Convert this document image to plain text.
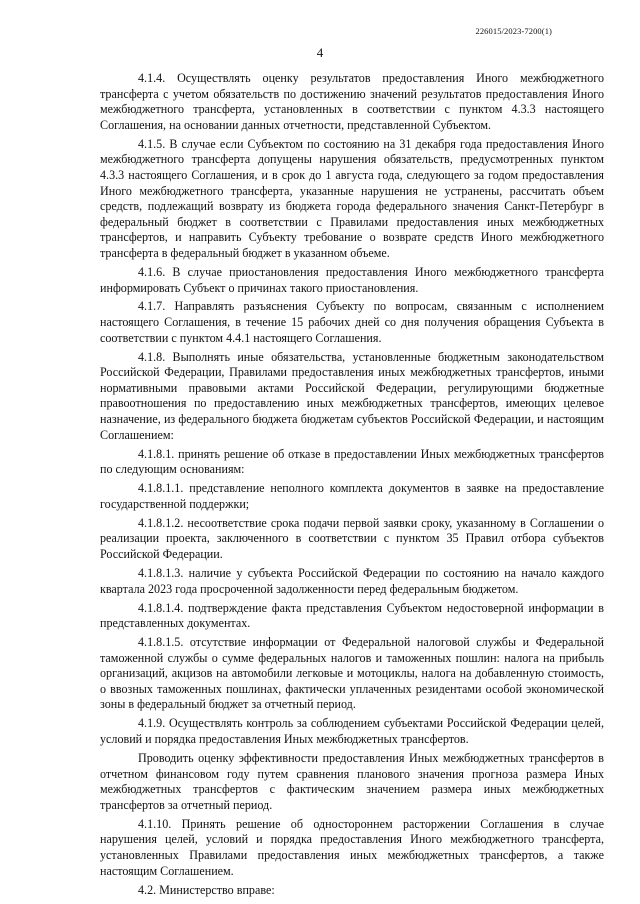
226015/2023-7200(1)
4

4.1.4. Осуществлять оценку результатов предоставления Иного межбюджетного трансферта с учетом обязательств по достижению значений результатов предоставления Иного межбюджетного трансферта, установленных в соответствии с пунктом 4.3.3 настоящего Соглашения, на основании данных отчетности, представленной Субъектом.

4.1.5. В случае если Субъектом по состоянию на 31 декабря года предоставления Иного межбюджетного трансферта допущены нарушения обязательств, предусмотренных пунктом 4.3.3 настоящего Соглашения, и в срок до 1 августа года, следующего за годом предоставления Иного межбюджетного трансферта, указанные нарушения не устранены, рассчитать объем средств, подлежащий возврату из бюджета города федерального значения Санкт-Петербург в федеральный бюджет в соответствии с Правилами предоставления иных межбюджетных трансфертов, и направить Субъекту требование о возврате средств Иного межбюджетного трансферта в федеральный бюджет в указанном объеме.

4.1.6. В случае приостановления предоставления Иного межбюджетного трансферта информировать Субъект о причинах такого приостановления.

4.1.7. Направлять разъяснения Субъекту по вопросам, связанным с исполнением настоящего Соглашения, в течение 15 рабочих дней со дня получения обращения Субъекта в соответствии с пунктом 4.4.1 настоящего Соглашения.

4.1.8. Выполнять иные обязательства, установленные бюджетным законодательством Российской Федерации, Правилами предоставления иных межбюджетных трансфертов, иными нормативными правовыми актами Российской Федерации, регулирующими бюджетные правоотношения по предоставлению иных межбюджетных трансфертов, имеющих целевое назначение, из федерального бюджета бюджетам субъектов Российской Федерации, и настоящим Соглашением:

4.1.8.1. принять решение об отказе в предоставлении Иных межбюджетных трансфертов по следующим основаниям:

4.1.8.1.1. представление неполного комплекта документов в заявке на предоставление государственной поддержки;

4.1.8.1.2. несоответствие срока подачи первой заявки сроку, указанному в Соглашении о реализации проекта, заключенного в соответствии с пунктом 35 Правил отбора субъектов Российской Федерации.

4.1.8.1.3. наличие у субъекта Российской Федерации по состоянию на начало каждого квартала 2023 года просроченной задолженности перед федеральным бюджетом.

4.1.8.1.4. подтверждение факта представления Субъектом недостоверной информации в представленных документах.

4.1.8.1.5. отсутствие информации от Федеральной налоговой службы и Федеральной таможенной службы о сумме федеральных налогов и таможенных пошлин: налога на прибыль организаций, акцизов на автомобили легковые и мотоциклы, налога на добавленную стоимость, о ввозных таможенных пошлинах, фактически уплаченных резидентами особой экономической зоны в федеральный бюджет за отчетный период.

4.1.9. Осуществлять контроль за соблюдением субъектами Российской Федерации целей, условий и порядка предоставления Иных межбюджетных трансфертов.

Проводить оценку эффективности предоставления Иных межбюджетных трансфертов в отчетном финансовом году путем сравнения планового значения прогноза размера Иных межбюджетных трансфертов с фактическим значением размера иных межбюджетных трансфертов за отчетный период.

4.1.10. Принять решение об одностороннем расторжении Соглашения в случае нарушения целей, условий и порядка предоставления Иного межбюджетного трансферта, установленных Правилами предоставления иных межбюджетных трансфертов, а также настоящим Соглашением.

4.2. Министерство вправе:
